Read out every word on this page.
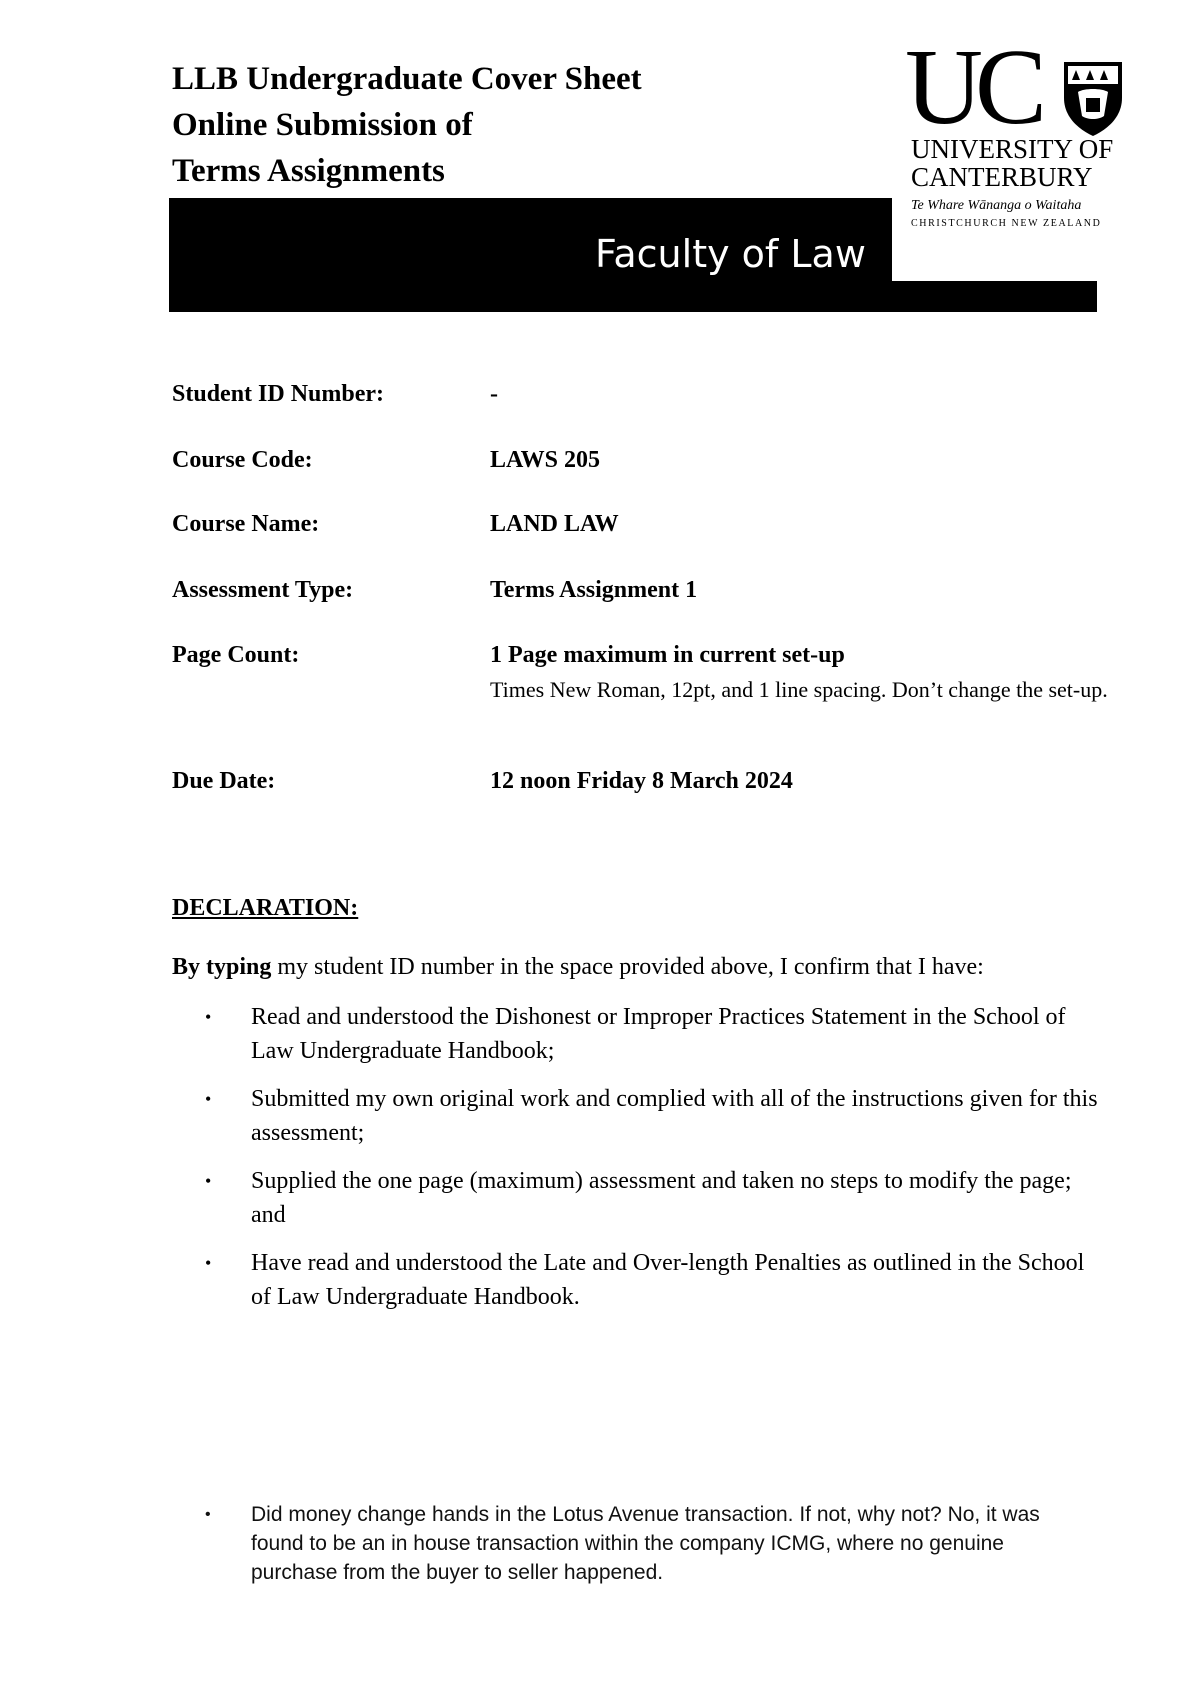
LLB Undergraduate Cover Sheet
Online Submission of
Terms Assignments
UC
UNIVERSITY OF
CANTERBURY
Te Whare Wānanga o Waitaha
CHRISTCHURCH NEW ZEALAND
Faculty of Law
Student ID Number:	-
Course Code:	LAWS 205
Course Name:	LAND LAW
Assessment Type:	Terms Assignment 1
Page Count:	1 Page maximum in current set-up
Times New Roman, 12pt, and 1 line spacing. Don’t change the set-up.
Due Date:	12 noon Friday 8 March 2024
DECLARATION:
By typing my student ID number in the space provided above, I confirm that I have:
•	Read and understood the Dishonest or Improper Practices Statement in the School of Law Undergraduate Handbook;
•	Submitted my own original work and complied with all of the instructions given for this assessment;
•	Supplied the one page (maximum) assessment and taken no steps to modify the page; and
•	Have read and understood the Late and Over-length Penalties as outlined in the School of Law Undergraduate Handbook.
• Did money change hands in the Lotus Avenue transaction. If not, why not? No, it was found to be an in house transaction within the company ICMG, where no genuine purchase from the buyer to seller happened.
